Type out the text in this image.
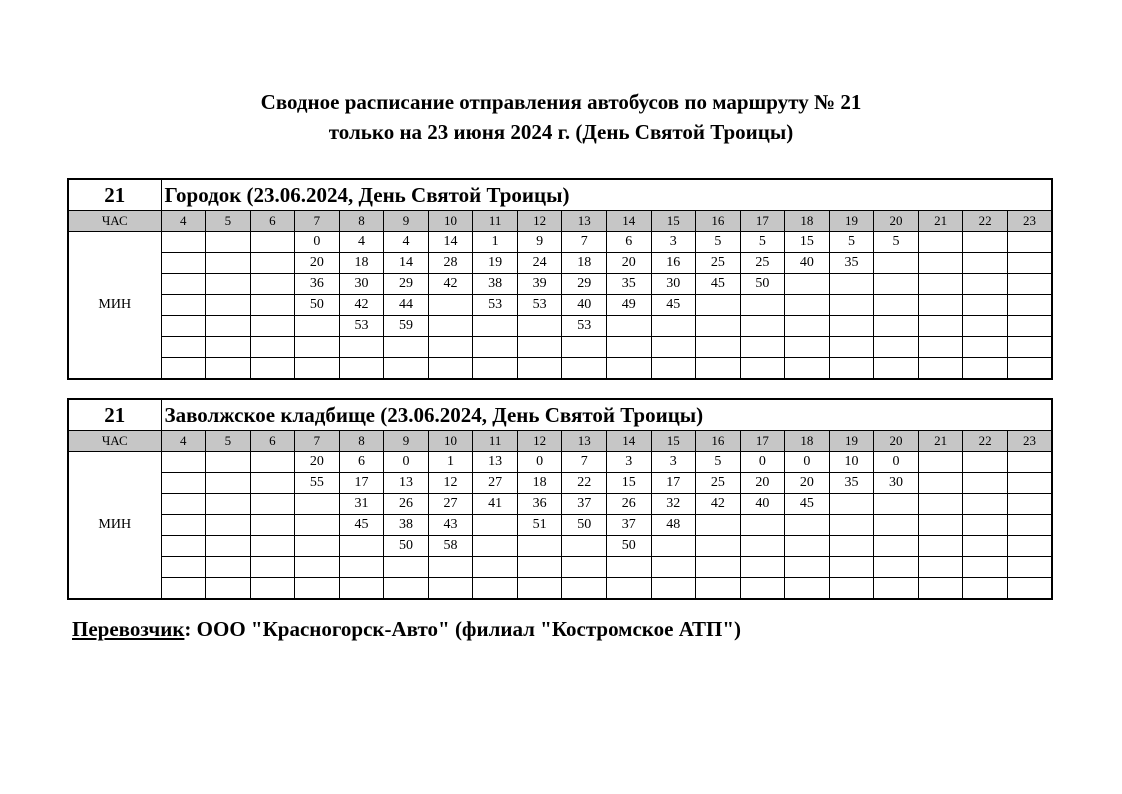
Сводное расписание отправления автобусов по маршруту № 21
только на 23 июня 2024 г. (День Святой Троицы)
21	Городок (23.06.2024, День Святой Троицы)																			
ЧАС	4	5	6	7	8	9	10	11	12	13	14	15	16	17	18	19	20	21	22	23
МИН				0	4	4	14	1	9	7	6	3	5	5	15	5	5			
				20	18	14	28	19	24	18	20	16	25	25	40	35				
				36	30	29	42	38	39	29	35	30	45	50						
				50	42	44		53	53	40	49	45								
					53	59				53										

21	Заволжское кладбище (23.06.2024, День Святой Троицы)																			
ЧАС	4	5	6	7	8	9	10	11	12	13	14	15	16	17	18	19	20	21	22	23
МИН				20	6	0	1	13	0	7	3	3	5	0	0	10	0			
				55	17	13	12	27	18	22	15	17	25	20	20	35	30			
					31	26	27	41	36	37	26	32	42	40	45					
					45	38	43		51	50	37	48								
						50	58				50									

Перевозчик: ООО "Красногорск-Авто" (филиал "Костромское АТП")
